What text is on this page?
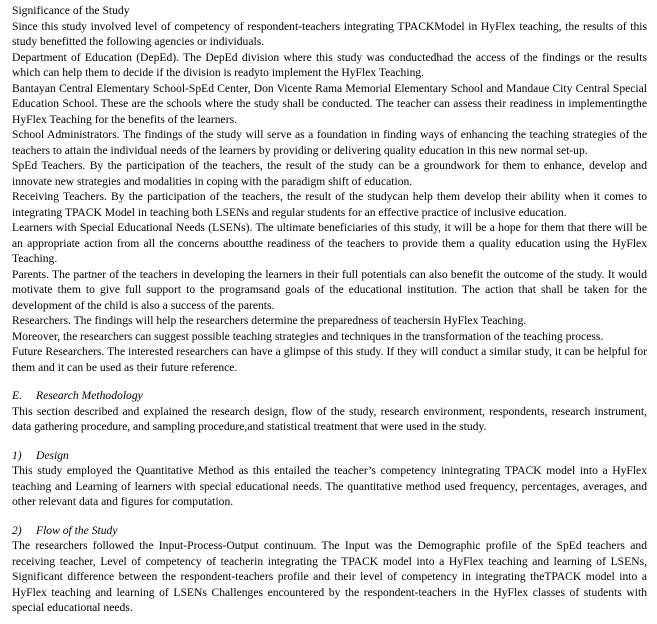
Significance of the Study

Since this study involved level of competency of respondent-teachers integrating TPACKModel in HyFlex teaching, the results of this study benefitted the following agencies or individuals.

Department of Education (DepEd). The DepEd division where this study was conductedhad the access of the findings or the results which can help them to decide if the division is readyto implement the HyFlex Teaching.

Bantayan Central Elementary School-SpEd Center, Don Vicente Rama Memorial Elementary School and Mandaue City Central Special Education School. These are the schools where the study shall be conducted. The teacher can assess their readiness in implementingthe HyFlex Teaching for the benefits of the learners.

School Administrators. The findings of the study will serve as a foundation in finding ways of enhancing the teaching strategies of the teachers to attain the individual needs of the learners by providing or delivering quality education in this new normal set-up.

SpEd Teachers. By the participation of the teachers, the result of the study can be a groundwork for them to enhance, develop and innovate new strategies and modalities in coping with the paradigm shift of education.

Receiving Teachers. By the participation of the teachers, the result of the studycan help them develop their ability when it comes to integrating TPACK Model in teaching both LSENs and regular students for an effective practice of inclusive education.

Learners with Special Educational Needs (LSENs). The ultimate beneficiaries of this study, it will be a hope for them that there will be an appropriate action from all the concerns aboutthe readiness of the teachers to provide them a quality education using the HyFlex Teaching.

Parents. The partner of the teachers in developing the learners in their full potentials can also benefit the outcome of the study. It would motivate them to give full support to the programsand goals of the educational institution. The action that shall be taken for the development of the child is also a success of the parents.

Researchers. The findings will help the researchers determine the preparedness of teachersin HyFlex Teaching.

Moreover, the researchers can suggest possible teaching strategies and techniques in the transformation of the teaching process.

Future Researchers. The interested researchers can have a glimpse of this study. If they will conduct a similar study, it can be helpful for them and it can be used as their future reference.

E. Research Methodology

This section described and explained the research design, flow of the study, research environment, respondents, research instrument, data gathering procedure, and sampling procedure,and statistical treatment that were used in the study.

1) Design

This study employed the Quantitative Method as this entailed the teacher’s competency inintegrating TPACK model into a HyFlex teaching and Learning of learners with special educational needs. The quantitative method used frequency, percentages, averages, and other relevant data and figures for computation.

2) Flow of the Study

The researchers followed the Input-Process-Output continuum. The Input was the Demographic profile of the SpEd teachers and receiving teacher, Level of competency of teacherin integrating the TPACK model into a HyFlex teaching and learning of LSENs, Significant difference between the respondent-teachers profile and their level of competency in integrating theTPACK model into a HyFlex teaching and learning of LSENs Challenges encountered by the respondent-teachers in the HyFlex classes of students with special educational needs.
